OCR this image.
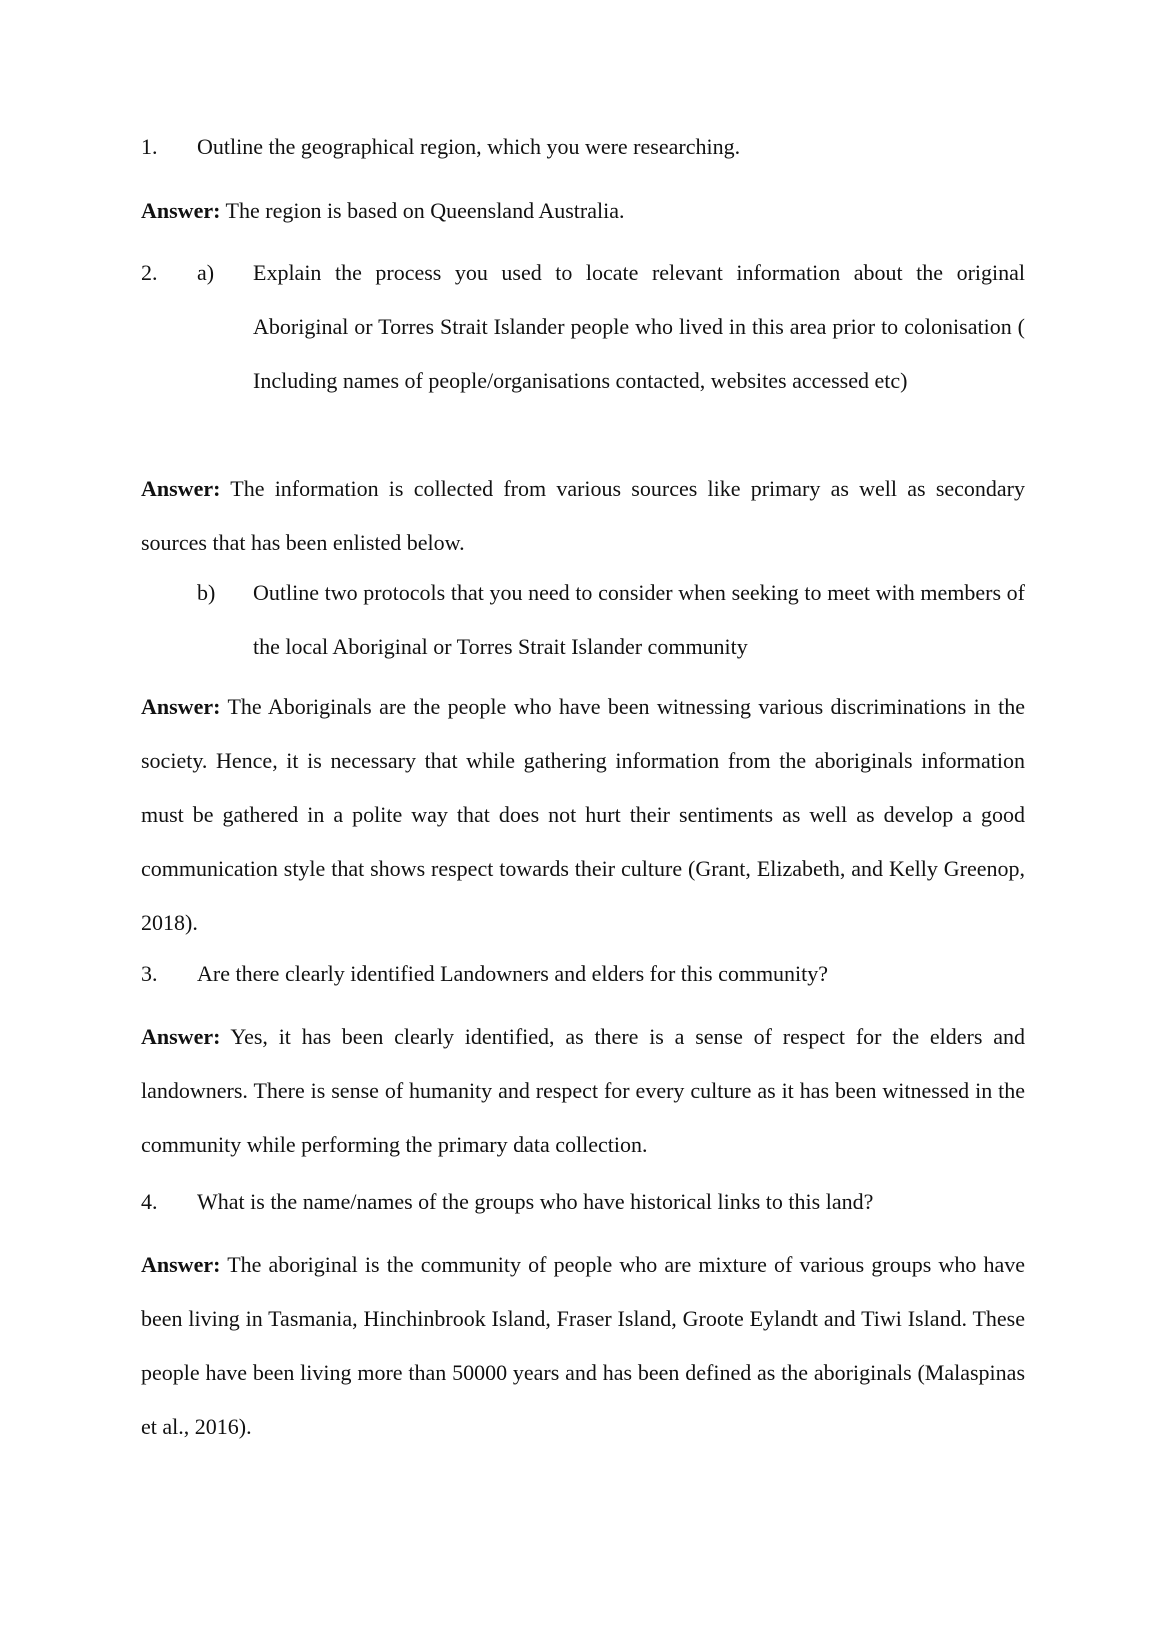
1.	Outline the geographical region, which you were researching.
Answer: The region is based on Queensland Australia.
2.	a)	Explain the process you used to locate relevant information about the original Aboriginal or Torres Strait Islander people who lived in this area prior to colonisation ( Including names of people/organisations contacted, websites accessed etc)
Answer: The information is collected from various sources like primary as well as secondary sources that has been enlisted below.
b)	Outline two protocols that you need to consider when seeking to meet with members of the local Aboriginal or Torres Strait Islander community
Answer: The Aboriginals are the people who have been witnessing various discriminations in the society. Hence, it is necessary that while gathering information from the aboriginals information must be gathered in a polite way that does not hurt their sentiments as well as develop a good communication style that shows respect towards their culture (Grant, Elizabeth, and Kelly Greenop, 2018).
3.	Are there clearly identified Landowners and elders for this community?
Answer: Yes, it has been clearly identified, as there is a sense of respect for the elders and landowners. There is sense of humanity and respect for every culture as it has been witnessed in the community while performing the primary data collection.
4.	What is the name/names of the groups who have historical links to this land?
Answer: The aboriginal is the community of people who are mixture of various groups who have been living in Tasmania, Hinchinbrook Island, Fraser Island, Groote Eylandt and Tiwi Island. These people have been living more than 50000 years and has been defined as the aboriginals (Malaspinas et al., 2016).
